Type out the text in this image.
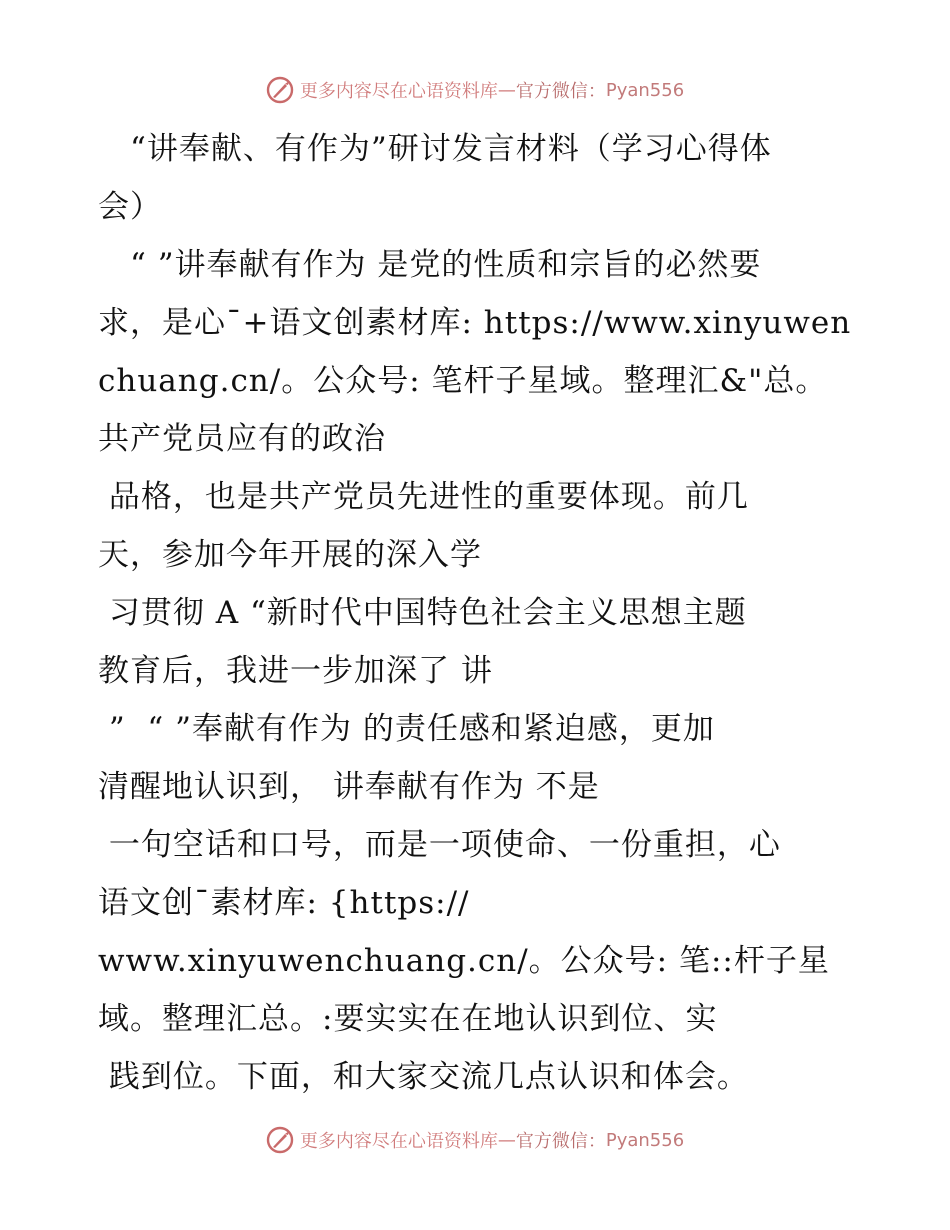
更多内容尽在心语资料库 — 官方微信： Pyan556
　“讲奉献、有作为”研讨发言材料（学习心得体
会）
　“ ”讲奉献有作为 是党的性质和宗旨的必然要
求，是心¯+语文创素材库: https://www.xinyuwen
chuang.cn/。公众号: 笔杆子星域。整理汇&"总。
共产党员应有的政治
品格，也是共产党员先进性的重要体现。前几
天，参加今年开展的深入学
习贯彻 A “新时代中国特色社会主义思想主题
教育后，我进一步加深了 讲
”  “ ”奉献有作为 的责任感和紧迫感，更加
清醒地认识到， 讲奉献有作为 不是
一句空话和口号，而是一项使命、一份重担，心
语文创¯素材库: {https://
www.xinyuwenchuang.cn/。公众号: 笔::杆子星
域。整理汇总。:要实实在在地认识到位、实
践到位。下面，和大家交流几点认识和体会。
更多内容尽在心语资料库 — 官方微信： Pyan556
